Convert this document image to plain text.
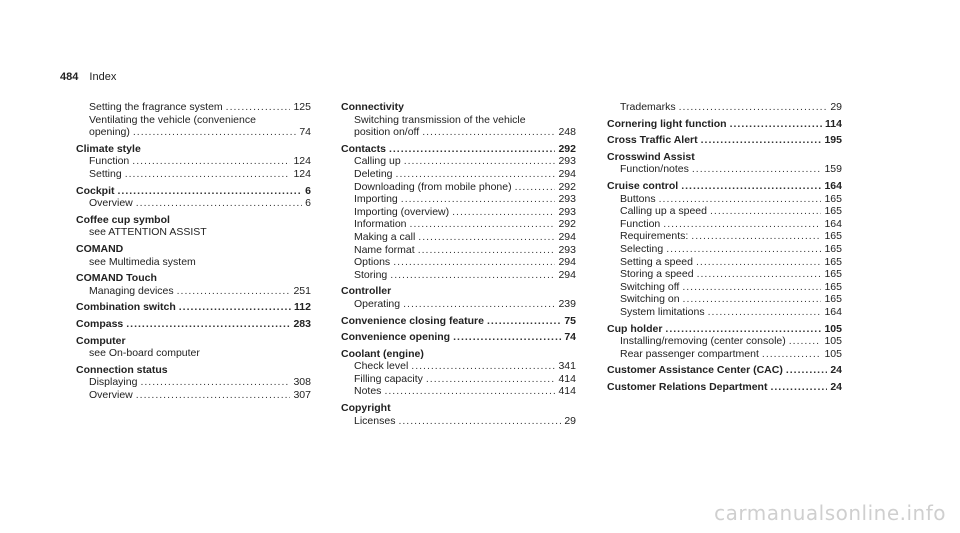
484 Index
Setting the fragrance system .....	125
Ventilating the vehicle (convenience
opening) .....	74
Climate style
Function .....	124
Setting .....	124
Cockpit .....	6
Overview .....	6
Coffee cup symbol
see ATTENTION ASSIST
COMAND
see Multimedia system
COMAND Touch
Managing devices .....	251
Combination switch .....	112
Compass .....	283
Computer
see On-board computer
Connection status
Displaying .....	308
Overview .....	307
Connectivity
Switching transmission of the vehicle
position on/off .....	248
Contacts .....	292
Calling up .....	293
Deleting .....	294
Downloading (from mobile phone) .....	292
Importing .....	293
Importing (overview) .....	293
Information .....	292
Making a call .....	294
Name format .....	293
Options .....	294
Storing .....	294
Controller
Operating .....	239
Convenience closing feature .....	75
Convenience opening .....	74
Coolant (engine)
Check level .....	341
Filling capacity .....	414
Notes .....	414
Copyright
Licenses .....	29
Trademarks .....	29
Cornering light function .....	114
Cross Traffic Alert .....	195
Crosswind Assist
Function/notes .....	159
Cruise control .....	164
Buttons .....	165
Calling up a speed .....	165
Function .....	164
Requirements: .....	165
Selecting .....	165
Setting a speed .....	165
Storing a speed .....	165
Switching off .....	165
Switching on .....	165
System limitations .....	164
Cup holder .....	105
Installing/removing (center console) .....	105
Rear passenger compartment .....	105
Customer Assistance Center (CAC) .....	24
Customer Relations Department .....	24
carmanualsonline.info
